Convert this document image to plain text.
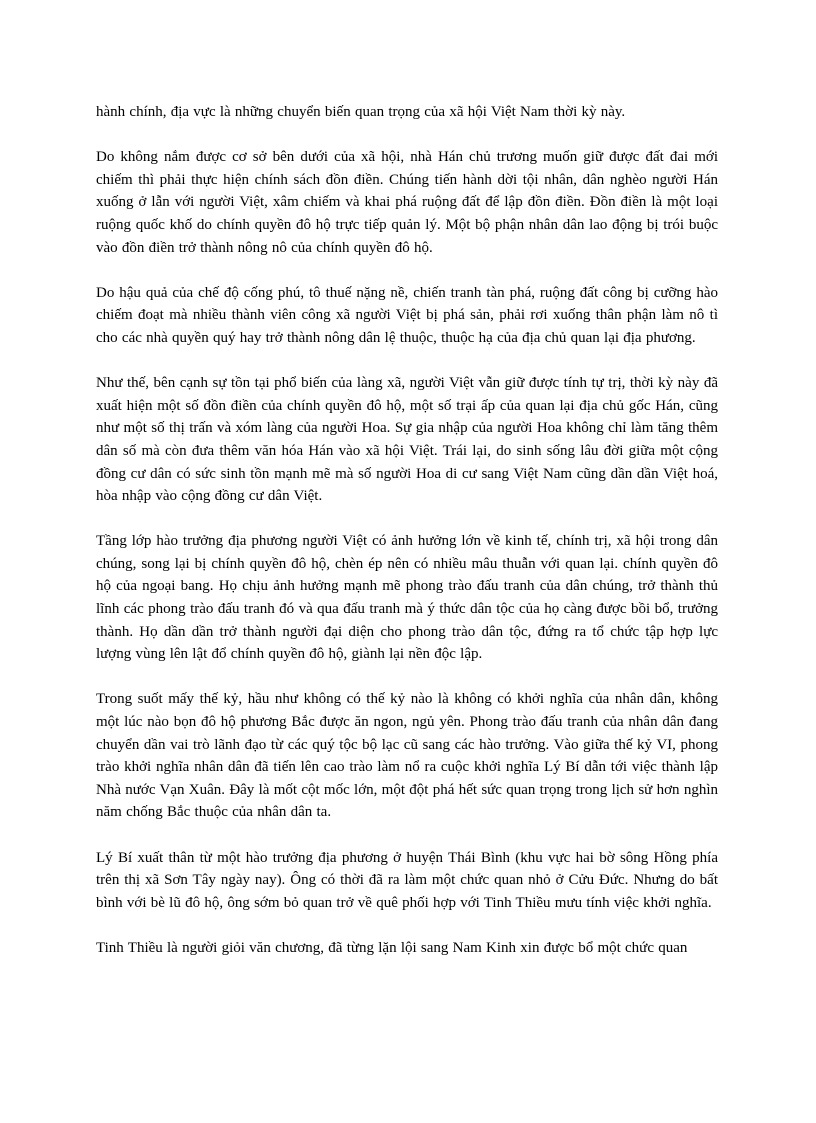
hành chính, địa vực là những chuyển biến quan trọng của xã hội Việt Nam thời kỳ này.

Do không nắm được cơ sở bên dưới của xã hội, nhà Hán chủ trương muốn giữ được đất đai mới chiếm thì phải thực hiện chính sách đồn điền. Chúng tiến hành dời tội nhân, dân nghèo người Hán xuống ở lẫn với người Việt, xâm chiếm và khai phá ruộng đất để lập đồn điền. Đồn điền là một loại ruộng quốc khố do chính quyền đô hộ trực tiếp quản lý. Một bộ phận nhân dân lao động bị trói buộc vào đồn điền trở thành nông nô của chính quyền đô hộ.

Do hậu quả của chế độ cống phú, tô thuế nặng nề, chiến tranh tàn phá, ruộng đất công bị cưỡng hào chiếm đoạt mà nhiều thành viên công xã người Việt bị phá sản, phải rơi xuống thân phận làm nô tì cho các nhà quyền quý hay trở thành nông dân lệ thuộc, thuộc hạ của địa chủ quan lại địa phương.

Như thế, bên cạnh sự tồn tại phổ biến của làng xã, người Việt vẫn giữ được tính tự trị, thời kỳ này đã xuất hiện một số đồn điền của chính quyền đô hộ, một số trại ấp của quan lại địa chủ gốc Hán, cũng như một số thị trấn và xóm làng của người Hoa. Sự gia nhập của người Hoa không chỉ làm tăng thêm dân số mà còn đưa thêm văn hóa Hán vào xã hội Việt. Trái lại, do sinh sống lâu đời giữa một cộng đồng cư dân có sức sinh tồn mạnh mẽ mà số người Hoa di cư sang Việt Nam cũng dần dần Việt hoá, hòa nhập vào cộng đồng cư dân Việt.

Tầng lớp hào trưởng địa phương người Việt có ảnh hưởng lớn về kinh tế, chính trị, xã hội trong dân chúng, song lại bị chính quyền đô hộ, chèn ép nên có nhiều mâu thuẫn với quan lại. chính quyền đô hộ của ngoại bang. Họ chịu ảnh hưởng mạnh mẽ phong trào đấu tranh của dân chúng, trở thành thủ lĩnh các phong trào đấu tranh đó và qua đấu tranh mà ý thức dân tộc của họ càng được bồi bổ, trưởng thành. Họ dần dần trở thành người đại diện cho phong trào dân tộc, đứng ra tổ chức tập hợp lực lượng vùng lên lật đổ chính quyền đô hộ, giành lại nền độc lập.

Trong suốt mấy thế kỷ, hầu như không có thế kỷ nào là không có khởi nghĩa của nhân dân, không một lúc nào bọn đô hộ phương Bắc được ăn ngon, ngủ yên. Phong trào đấu tranh của nhân dân đang chuyển dần vai trò lãnh đạo từ các quý tộc bộ lạc cũ sang các hào trưởng. Vào giữa thế kỷ VI, phong trào khởi nghĩa nhân dân đã tiến lên cao trào làm nổ ra cuộc khởi nghĩa Lý Bí dẫn tới việc thành lập Nhà nước Vạn Xuân. Đây là mốt cột mốc lớn, một đột phá hết sức quan trọng trong lịch sử hơn nghìn năm chống Bắc thuộc của nhân dân ta.

Lý Bí xuất thân từ một hào trưởng địa phương ở huyện Thái Bình (khu vực hai bờ sông Hồng phía trên thị xã Sơn Tây ngày nay). Ông có thời đã ra làm một chức quan nhỏ ở Cửu Đức. Nhưng do bất bình với bè lũ đô hộ, ông sớm bỏ quan trở về quê phối hợp với Tinh Thiều mưu tính việc khởi nghĩa.

Tinh Thiều là người giỏi văn chương, đã từng lặn lội sang Nam Kinh xin được bổ một chức quan
